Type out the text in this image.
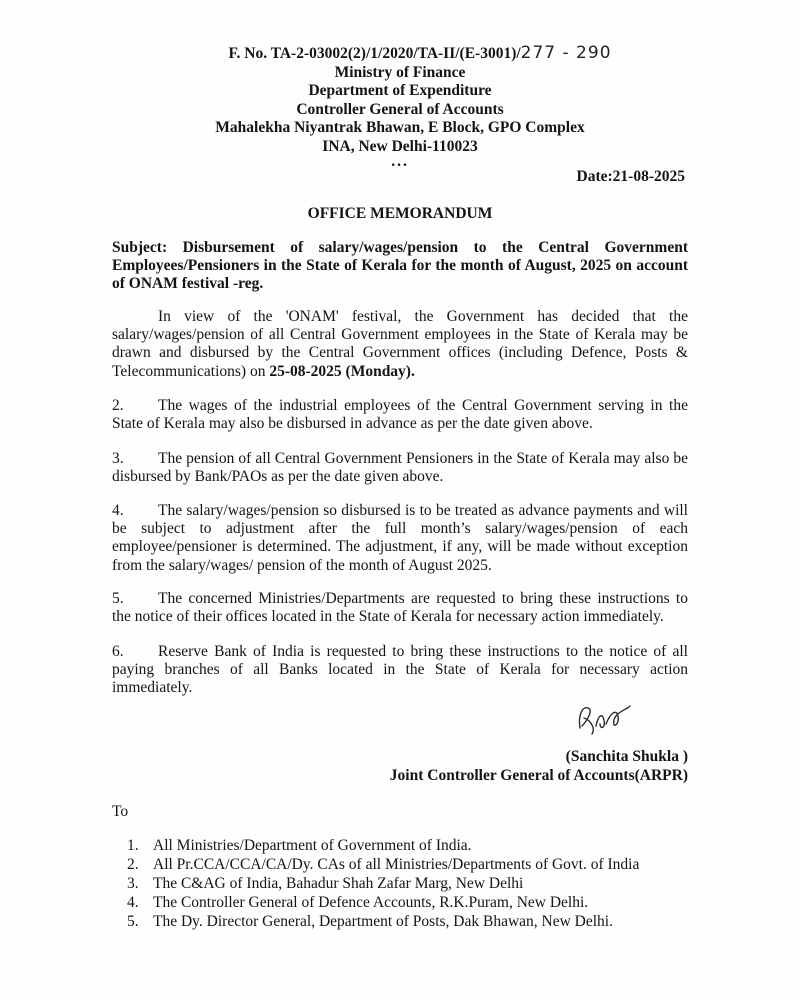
F. No. TA-2-03002(2)/1/2020/TA-II/(E-3001)/277 - 290
Ministry of Finance
Department of Expenditure
Controller General of Accounts
Mahalekha Niyantrak Bhawan, E Block, GPO Complex
INA, New Delhi-110023
...
Date:21-08-2025
OFFICE MEMORANDUM
Subject: Disbursement of salary/wages/pension to the Central Government Employees/Pensioners in the State of Kerala for the month of August, 2025 on account of ONAM festival -reg.
In view of the 'ONAM' festival, the Government has decided that the salary/wages/pension of all Central Government employees in the State of Kerala may be drawn and disbursed by the Central Government offices (including Defence, Posts & Telecommunications) on 25-08-2025 (Monday).
2. The wages of the industrial employees of the Central Government serving in the State of Kerala may also be disbursed in advance as per the date given above.
3. The pension of all Central Government Pensioners in the State of Kerala may also be disbursed by Bank/PAOs as per the date given above.
4. The salary/wages/pension so disbursed is to be treated as advance payments and will be subject to adjustment after the full month’s salary/wages/pension of each employee/pensioner is determined. The adjustment, if any, will be made without exception from the salary/wages/ pension of the month of August 2025.
5. The concerned Ministries/Departments are requested to bring these instructions to the notice of their offices located in the State of Kerala for necessary action immediately.
6. Reserve Bank of India is requested to bring these instructions to the notice of all paying branches of all Banks located in the State of Kerala for necessary action immediately.
(Sanchita Shukla )
Joint Controller General of Accounts(ARPR)
To
1. All Ministries/Department of Government of India.
2. All Pr.CCA/CCA/CA/Dy. CAs of all Ministries/Departments of Govt. of India
3. The C&AG of India, Bahadur Shah Zafar Marg, New Delhi
4. The Controller General of Defence Accounts, R.K.Puram, New Delhi.
5. The Dy. Director General, Department of Posts, Dak Bhawan, New Delhi.
